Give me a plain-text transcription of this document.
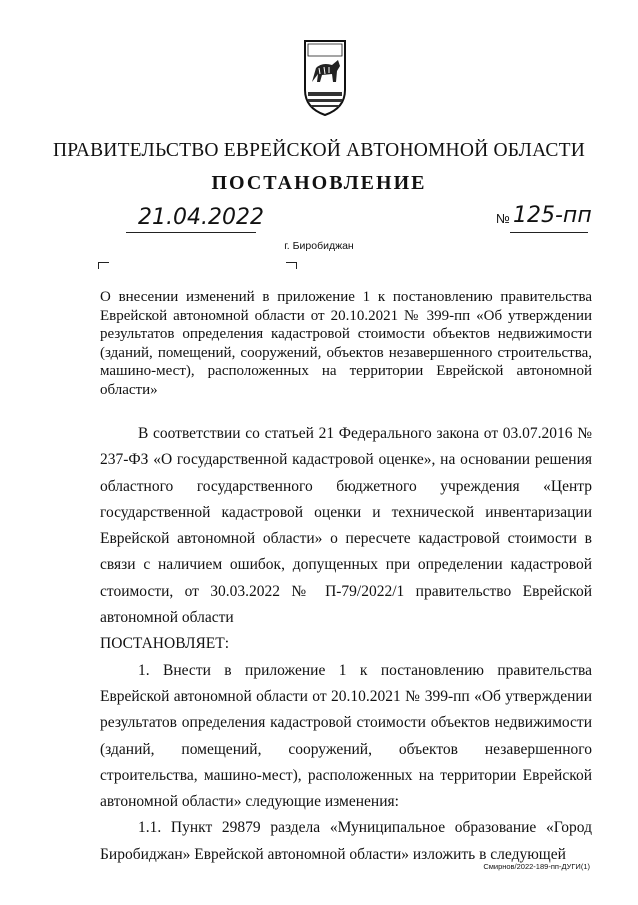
ПРАВИТЕЛЬСТВО ЕВРЕЙСКОЙ АВТОНОМНОЙ ОБЛАСТИ
ПОСТАНОВЛЕНИЕ
21.04.2022	№ 125-пп
г. Биробиджан
О внесении изменений в приложение 1 к постановлению правительства Еврейской автономной области от 20.10.2021 № 399-пп «Об утверждении результатов определения кадастровой стоимости объектов недвижимости (зданий, помещений, сооружений, объектов незавершенного строительства, машино-мест), расположенных на территории Еврейской автономной области»

В соответствии со статьей 21 Федерального закона от 03.07.2016 № 237-ФЗ «О государственной кадастровой оценке», на основании решения областного государственного бюджетного учреждения «Центр государственной кадастровой оценки и технической инвентаризации Еврейской автономной области» о пересчете кадастровой стоимости в связи с наличием ошибок, допущенных при определении кадастровой стоимости, от 30.03.2022 № П-79/2022/1 правительство Еврейской автономной области

ПОСТАНОВЛЯЕТ:

1. Внести в приложение 1 к постановлению правительства Еврейской автономной области от 20.10.2021 № 399-пп «Об утверждении результатов определения кадастровой стоимости объектов недвижимости (зданий, помещений, сооружений, объектов незавершенного строительства, машино-мест), расположенных на территории Еврейской автономной области» следующие изменения:

1.1. Пункт 29879 раздела «Муниципальное образование «Город Биробиджан» Еврейской автономной области» изложить в следующей

Смирнов/2022-189-пп-ДУГИ(1)
